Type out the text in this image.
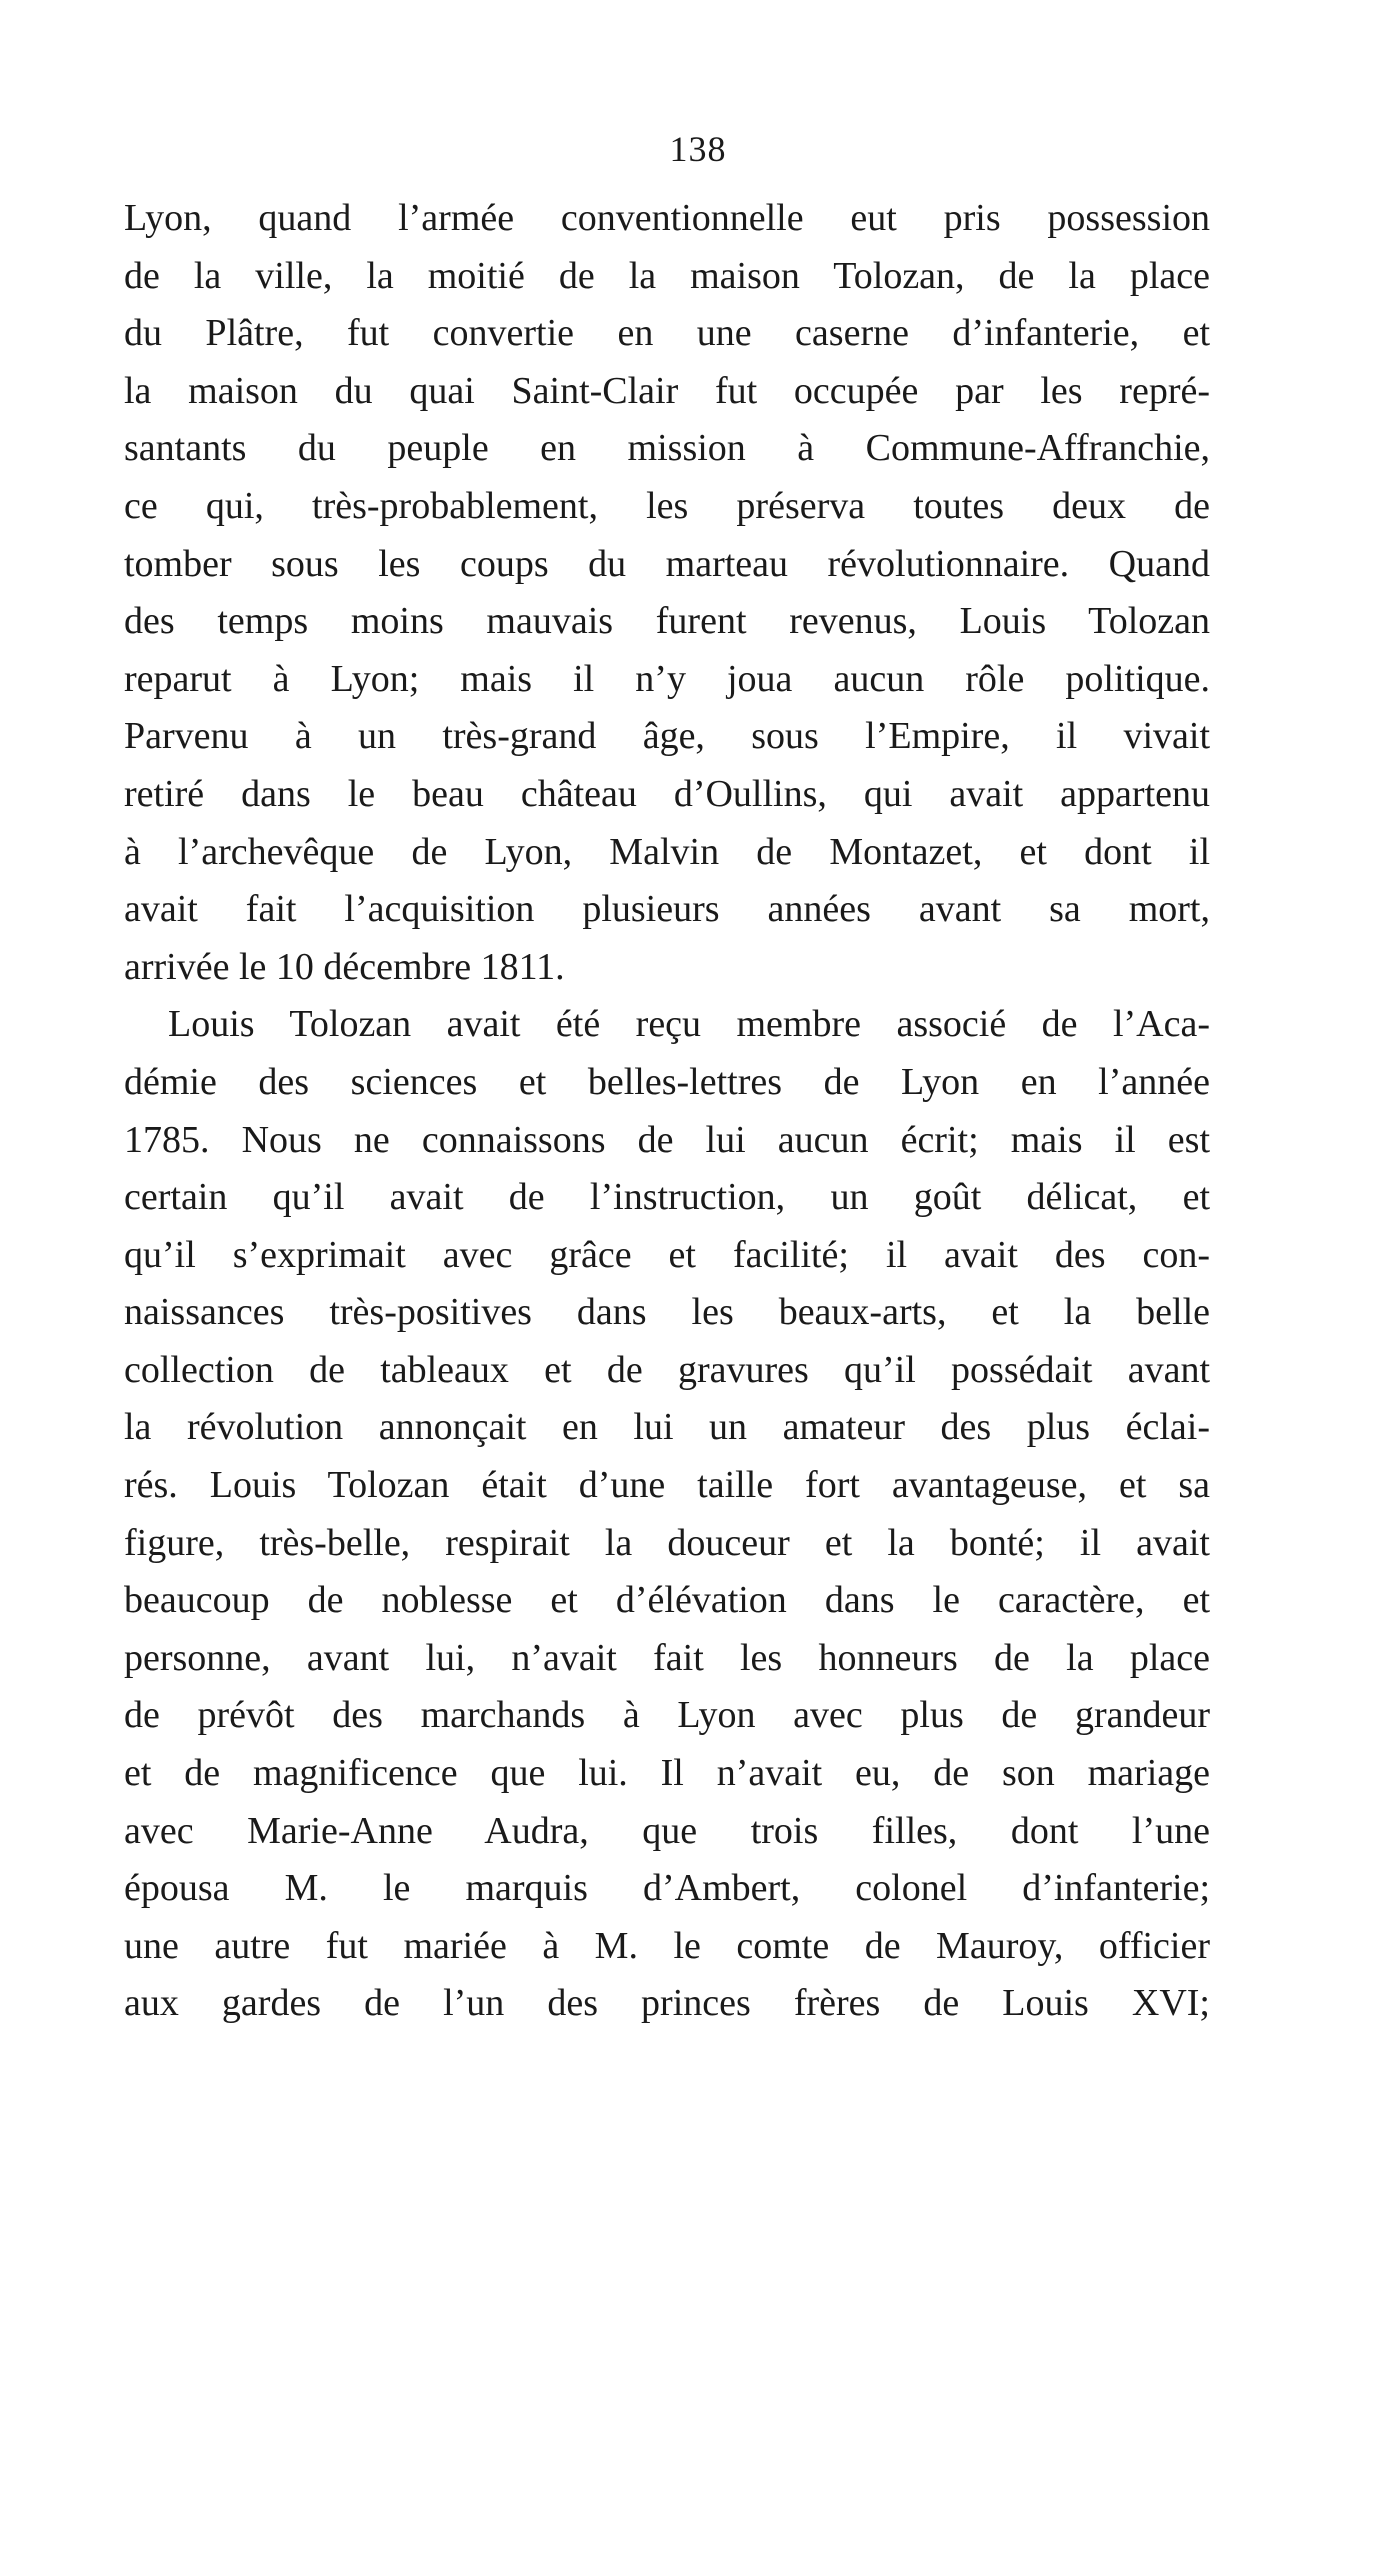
138
Lyon, quand l’armée conventionnelle eut pris possession
de la ville, la moitié de la maison Tolozan, de la place
du Plâtre, fut convertie en une caserne d’infanterie, et
la maison du quai Saint-Clair fut occupée par les repré-
santants du peuple en mission à Commune-Affranchie,
ce qui, très-probablement, les préserva toutes deux de
tomber sous les coups du marteau révolutionnaire. Quand
des temps moins mauvais furent revenus, Louis Tolozan
reparut à Lyon; mais il n’y joua aucun rôle politique.
Parvenu à un très-grand âge, sous l’Empire, il vivait
retiré dans le beau château d’Oullins, qui avait appartenu
à l’archevêque de Lyon, Malvin de Montazet, et dont il
avait fait l’acquisition plusieurs années avant sa mort,
arrivée le 10 décembre 1811.
Louis Tolozan avait été reçu membre associé de l’Aca-
démie des sciences et belles-lettres de Lyon en l’année
1785. Nous ne connaissons de lui aucun écrit; mais il est
certain qu’il avait de l’instruction, un goût délicat, et
qu’il s’exprimait avec grâce et facilité; il avait des con-
naissances très-positives dans les beaux-arts, et la belle
collection de tableaux et de gravures qu’il possédait avant
la révolution annonçait en lui un amateur des plus éclai-
rés. Louis Tolozan était d’une taille fort avantageuse, et sa
figure, très-belle, respirait la douceur et la bonté; il avait
beaucoup de noblesse et d’élévation dans le caractère, et
personne, avant lui, n’avait fait les honneurs de la place
de prévôt des marchands à Lyon avec plus de grandeur
et de magnificence que lui. Il n’avait eu, de son mariage
avec Marie-Anne Audra, que trois filles, dont l’une
épousa M. le marquis d’Ambert, colonel d’infanterie;
une autre fut mariée à M. le comte de Mauroy, officier
aux gardes de l’un des princes frères de Louis XVI;
